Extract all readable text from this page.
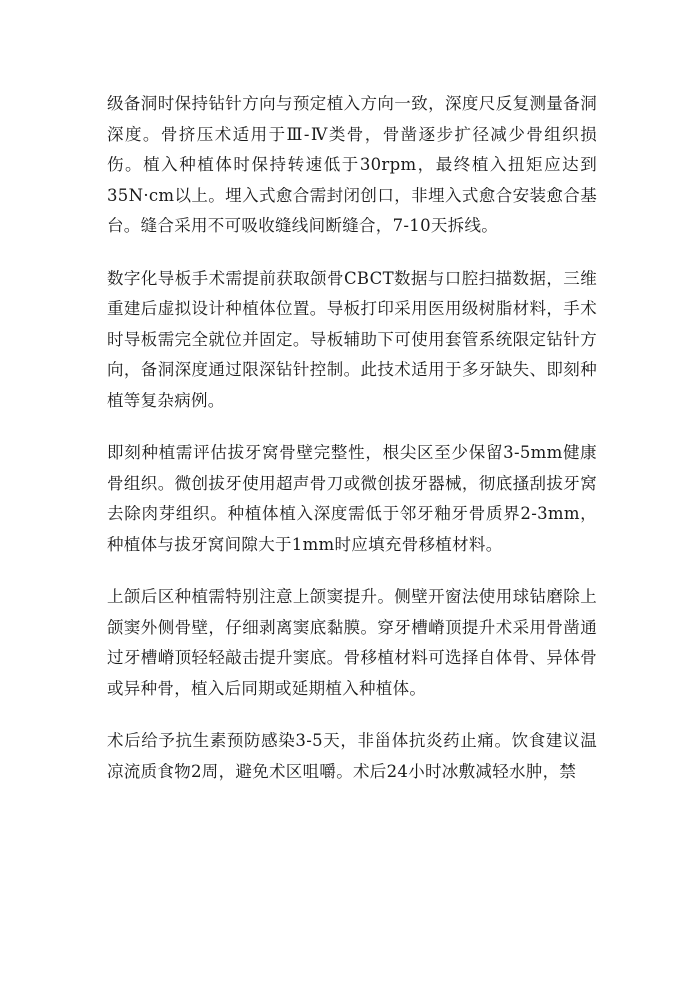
级备洞时保持钻针方向与预定植入方向一致，深度尺反复测量备洞深度。骨挤压术适用于Ⅲ-Ⅳ类骨，骨凿逐步扩径减少骨组织损伤。植入种植体时保持转速低于30rpm，最终植入扭矩应达到35N·cm以上。埋入式愈合需封闭创口，非埋入式愈合安装愈合基台。缝合采用不可吸收缝线间断缝合，7-10天拆线。

数字化导板手术需提前获取颌骨CBCT数据与口腔扫描数据，三维重建后虚拟设计种植体位置。导板打印采用医用级树脂材料，手术时导板需完全就位并固定。导板辅助下可使用套管系统限定钻针方向，备洞深度通过限深钻针控制。此技术适用于多牙缺失、即刻种植等复杂病例。

即刻种植需评估拔牙窝骨壁完整性，根尖区至少保留3-5mm健康骨组织。微创拔牙使用超声骨刀或微创拔牙器械，彻底搔刮拔牙窝去除肉芽组织。种植体植入深度需低于邻牙釉牙骨质界2-3mm，种植体与拔牙窝间隙大于1mm时应填充骨移植材料。

上颌后区种植需特别注意上颌窦提升。侧壁开窗法使用球钻磨除上颌窦外侧骨壁，仔细剥离窦底黏膜。穿牙槽嵴顶提升术采用骨凿通过牙槽嵴顶轻轻敲击提升窦底。骨移植材料可选择自体骨、异体骨或异种骨，植入后同期或延期植入种植体。

术后给予抗生素预防感染3-5天，非甾体抗炎药止痛。饮食建议温凉流质食物2周，避免术区咀嚼。术后24小时冰敷减轻水肿，禁
